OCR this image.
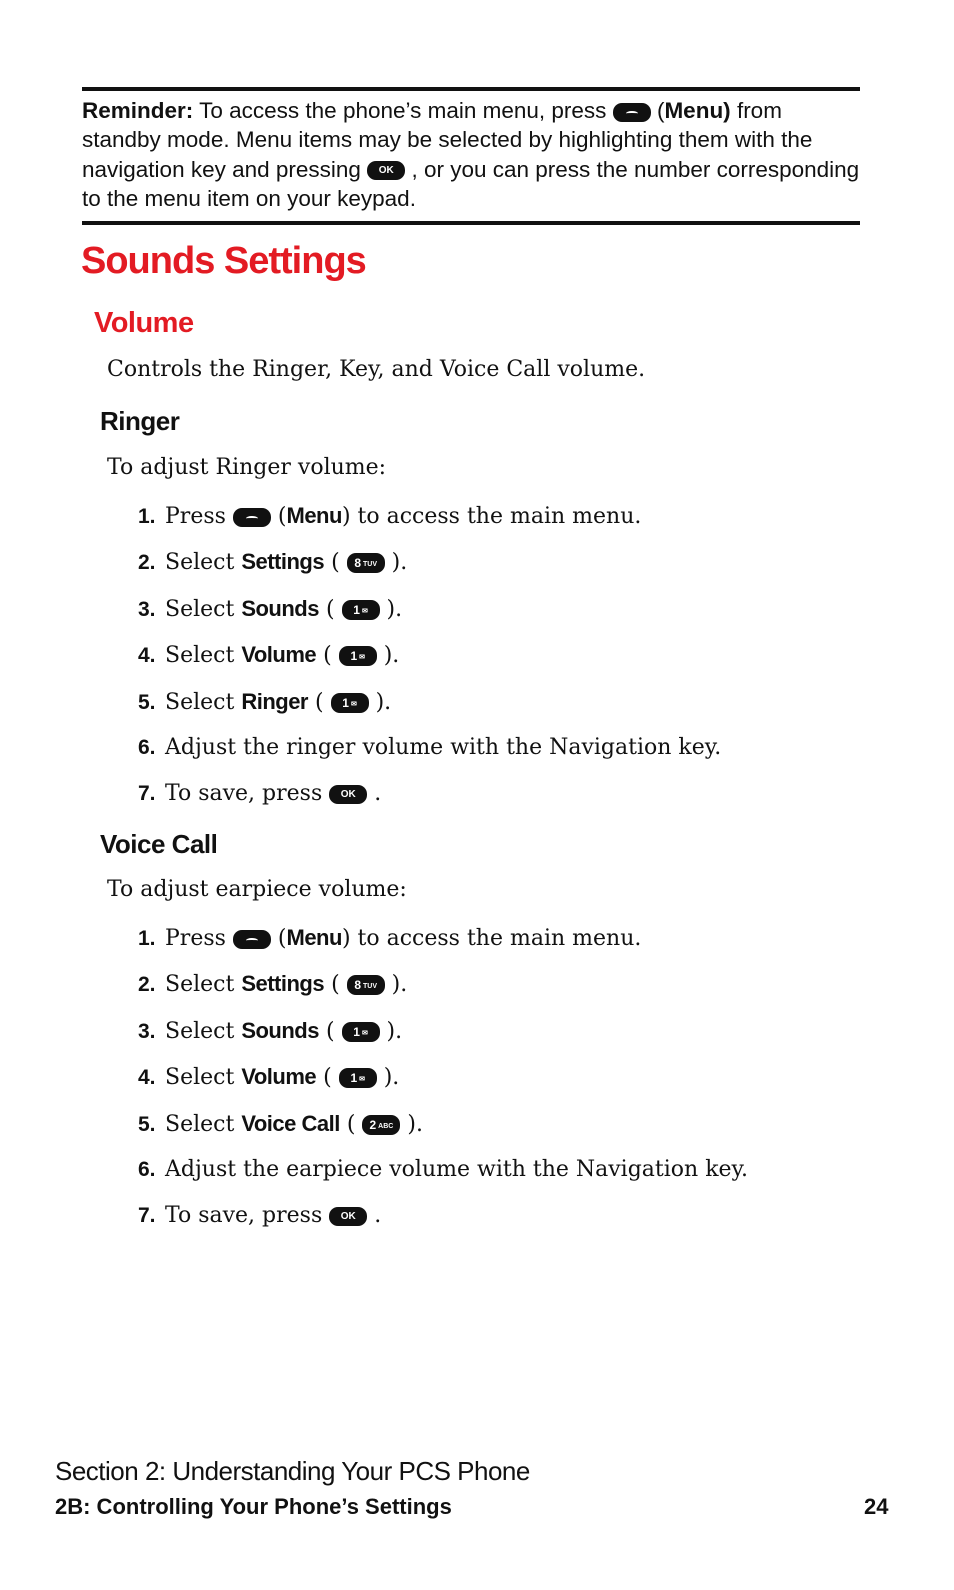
Reminder: To access the phone’s main menu, press  (Menu) from standby mode. Menu items may be selected by highlighting them with the navigation key and pressing OK , or you can press the number corresponding to the menu item on your keypad.
Sounds Settings
Volume

Controls the Ringer, Key, and Voice Call volume.

Ringer

To adjust Ringer volume:

1. Press  (Menu) to access the main menu.
2. Select Settings ( 8 TUV ).
3. Select Sounds ( 1 ✉ ).
4. Select Volume ( 1 ✉ ).
5. Select Ringer ( 1 ✉ ).
6. Adjust the ringer volume with the Navigation key.
7. To save, press OK .
Voice Call

To adjust earpiece volume:

1. Press  (Menu) to access the main menu.
2. Select Settings ( 8 TUV ).
3. Select Sounds ( 1 ✉ ).
4. Select Volume ( 1 ✉ ).
5. Select Voice Call ( 2 ABC ).
6. Adjust the earpiece volume with the Navigation key.
7. To save, press OK .

Section 2: Understanding Your PCS Phone

2B: Controlling Your Phone’s Settings	24
